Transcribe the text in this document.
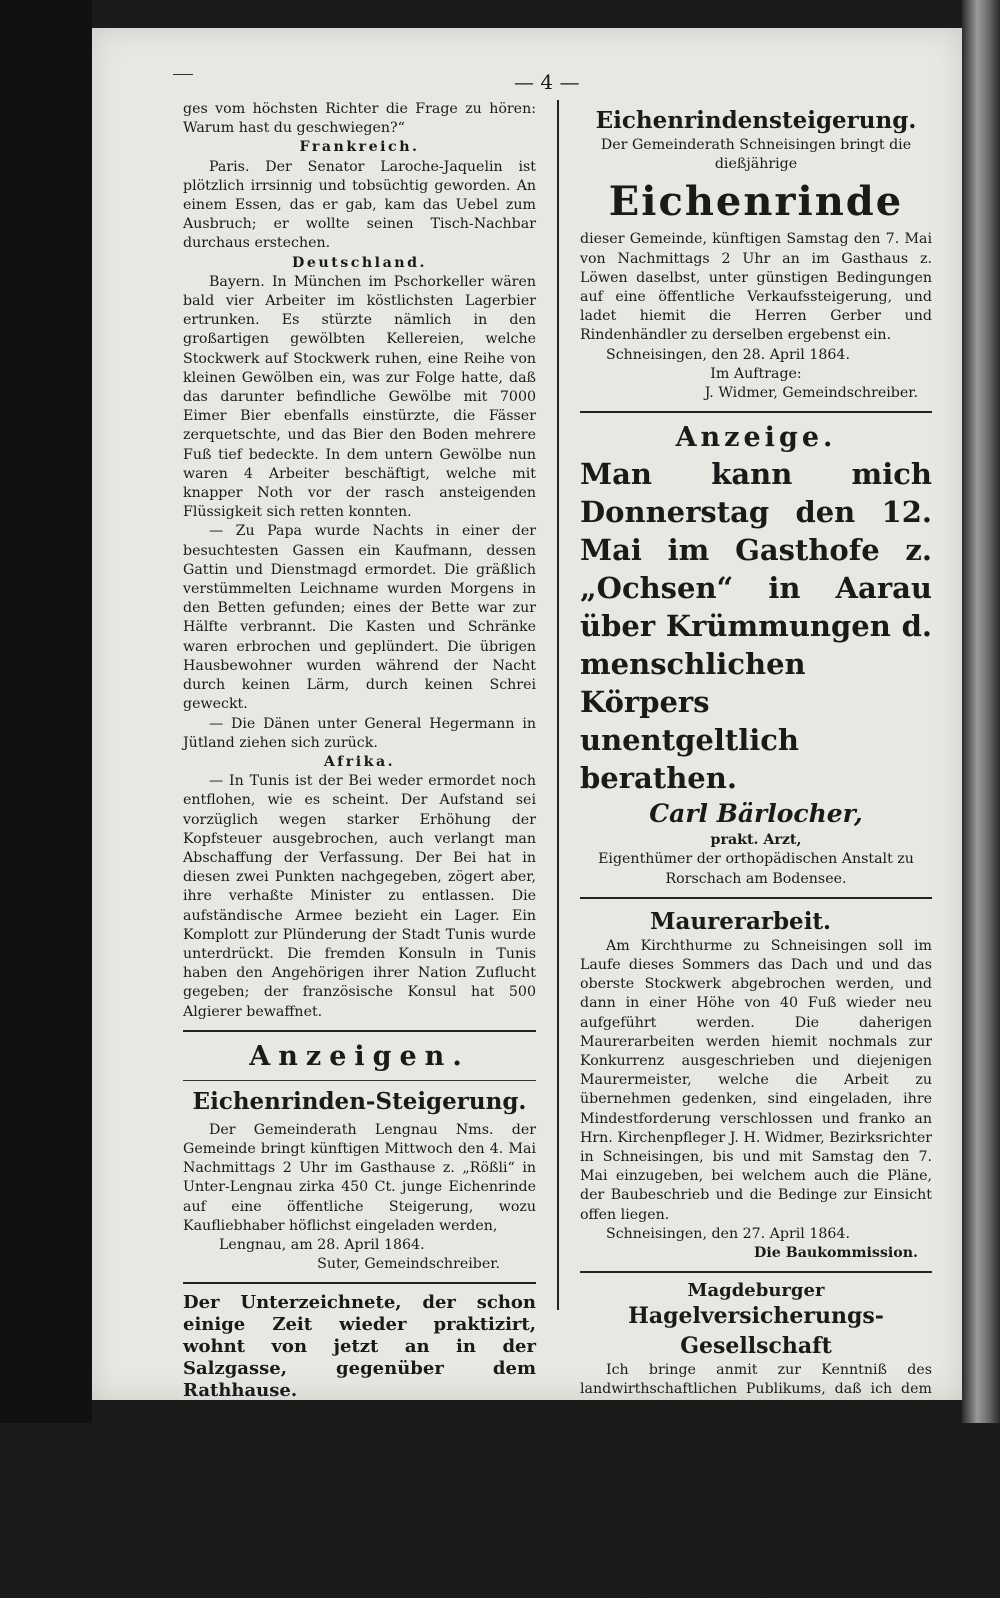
— 4 —

ges vom höchsten Richter die Frage zu hören: Warum hast du geschwiegen?“

Frankreich.

Paris. Der Senator Laroche-Jaquelin ist plötzlich irrsinnig und tobsüchtig geworden. An einem Essen, das er gab, kam das Uebel zum Ausbruch; er wollte seinen Tisch-Nachbar durchaus erstechen.

Deutschland.

Bayern. In München im Pschorkeller wären bald vier Arbeiter im köstlichsten Lagerbier ertrunken. Es stürzte nämlich in den großartigen gewölbten Kellereien, welche Stockwerk auf Stockwerk ruhen, eine Reihe von kleinen Gewölben ein, was zur Folge hatte, daß das darunter befindliche Gewölbe mit 7000 Eimer Bier ebenfalls einstürzte, die Fässer zerquetschte, und das Bier den Boden mehrere Fuß tief bedeckte. In dem untern Gewölbe nun waren 4 Arbeiter beschäftigt, welche mit knapper Noth vor der rasch ansteigenden Flüssigkeit sich retten konnten.

— Zu Papa wurde Nachts in einer der besuchtesten Gassen ein Kaufmann, dessen Gattin und Dienstmagd ermordet. Die gräßlich verstümmelten Leichname wurden Morgens in den Betten gefunden; eines der Bette war zur Hälfte verbrannt. Die Kasten und Schränke waren erbrochen und geplündert. Die übrigen Hausbewohner wurden während der Nacht durch keinen Lärm, durch keinen Schrei geweckt.

— Die Dänen unter General Hegermann in Jütland ziehen sich zurück.

Afrika.

— In Tunis ist der Bei weder ermordet noch entflohen, wie es scheint. Der Aufstand sei vorzüglich wegen starker Erhöhung der Kopfsteuer ausgebrochen, auch verlangt man Abschaffung der Verfassung. Der Bei hat in diesen zwei Punkten nachgegeben, zögert aber, ihre verhaßte Minister zu entlassen. Die aufständische Armee bezieht ein Lager. Ein Komplott zur Plünderung der Stadt Tunis wurde unterdrückt. Die fremden Konsuln in Tunis haben den Angehörigen ihrer Nation Zuflucht gegeben; der französische Konsul hat 500 Algierer bewaffnet.

Anzeigen.

Eichenrinden-Steigerung.

Der Gemeinderath Lengnau Nms. der Gemeinde bringt künftigen Mittwoch den 4. Mai Nachmittags 2 Uhr im Gasthause z. „Rößli“ in Unter-Lengnau zirka 450 Ct. junge Eichenrinde auf eine öffentliche Steigerung, wozu Kaufliebhaber höflichst eingeladen werden,

Lengnau, am 28. April 1864.

Suter, Gemeindschreiber.

Der Unterzeichnete, der schon einige Zeit wieder praktizirt, wohnt von jetzt an in der Salzgasse, gegenüber dem Rathhause.

Baden, den 20. April 1864.

A. Meier, Fürsprech.

Eichenrindensteigerung.

Der Gemeinderath Schneisingen bringt die dießjährige

Eichenrinde

dieser Gemeinde, künftigen Samstag den 7. Mai von Nachmittags 2 Uhr an im Gasthaus z. Löwen daselbst, unter günstigen Bedingungen auf eine öffentliche Verkaufssteigerung, und ladet hiemit die Herren Gerber und Rindenhändler zu derselben ergebenst ein.

Schneisingen, den 28. April 1864.

Im Auftrage:

J. Widmer, Gemeindschreiber.

Anzeige.

Man kann mich Donnerstag den 12. Mai im Gasthofe z. „Ochsen“ in Aarau über Krümmungen d. menschlichen Körpers unentgeltlich berathen.

Carl Bärlocher,

prakt. Arzt,

Eigenthümer der orthopädischen Anstalt zu

Rorschach am Bodensee.

Maurerarbeit.

Am Kirchthurme zu Schneisingen soll im Laufe dieses Sommers das Dach und und das oberste Stockwerk abgebrochen werden, und dann in einer Höhe von 40 Fuß wieder neu aufgeführt werden. Die daherigen Maurerarbeiten werden hiemit nochmals zur Konkurrenz ausgeschrieben und diejenigen Maurermeister, welche die Arbeit zu übernehmen gedenken, sind eingeladen, ihre Mindestforderung verschlossen und franko an Hrn. Kirchenpfleger J. H. Widmer, Bezirksrichter in Schneisingen, bis und mit Samstag den 7. Mai einzugeben, bei welchem auch die Pläne, der Baubeschrieb und die Bedinge zur Einsicht offen liegen.

Schneisingen, den 27. April 1864.

Die Baukommission.

Magdeburger

Hagelversicherungs-Gesellschaft

Ich bringe anmit zur Kenntniß des landwirthschaftlichen Publikums, daß ich dem Herrn J. Leuthold z. grünen Berg in Zurzach eine Agentur der Magdeburger-Hagelsversicherungsgesellschaft für den Bezirk Zurzach übertragen habe und wird derselbe bereitwilligst jede zu wünschende Auskunft ertheilen.

Zürich, den 25. April 1864.

Zeller-Zundel

Generalagent der Magdeburger

Hagelversicherungs-Gesellschaft.
